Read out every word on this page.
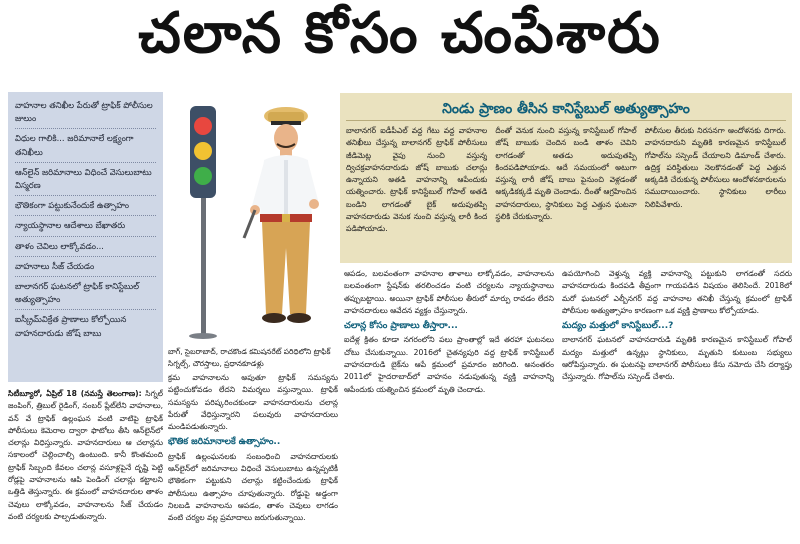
చలాన కోసం చంపేశారు
వాహనాల తనిఖీల పేరుతో ట్రాఫిక్ పోలీసుల జులుం
విధుల గాలికి... జరిమానాలే లక్ష్యంగా తనిఖీలు
ఆన్‌లైన్ జరిమానాలు విధించే వెసులుబాటు విస్మరణ
భౌతికంగా పట్టుకునేందుకే ఉత్సాహం
న్యాయస్థానాల ఆదేశాలు బేఖాతరు
తాళం చెవిలు లాక్కోవడం...
వాహనాలు సీజ్ చేయడం
బాలానగర్ ఘటనలో ట్రాఫిక్ కానిస్టేబుల్ అత్యుత్సాహం
ఐస్క్రీమ్‌విక్రేత ప్రాణాలు కోల్పోయిన వాహనదారుడు జోష్ బాబు
బాగ్, సైబరాబాద్, రాచకొండ కమిషనరేట్ పరిధిలోని ట్రాఫిక్ సిగ్నల్స్, చౌరస్తాలు, ప్రధానకూడళ్లు
నిండు ప్రాణం తీసిన కానిస్టేబుల్ అత్యుత్సాహం
బాలానగర్ ఐడీపీఎల్ వద్ద గేటు వద్ద వాహనాల తనిఖీలు చేస్తున్న బాలానగర్ ట్రాఫిక్ పోలీసులు జీడిమెట్ల వైపు నుంచి వస్తున్న ద్విచక్రవాహనదారుడు జోష్ బాబుకు చలాన్లు ఉన్నాయని అతడి వాహనాన్ని ఆపేందుకు యత్నించారు. ట్రాఫిక్ కానిస్టేబుల్ గోపాల్ అతడి బండిని లాగడంతో బైక్ అదుపుతప్పి వాహనదారుడు వెనుక నుంచి వస్తున్న లారీ కింద పడిపోయాడు.
దీంతో వెనుక నుంచి వస్తున్న కానిస్టేబుల్ గోపాల్ జోష్ బాబుకు చెందిన బండి తాళం చెవిని లాగడంతో అతడు అదుపుతప్పి కిందపడిపోయాడు. ఆదే సమయంలో అటుగా వస్తున్న లారీ జోష్ బాబు పైనుంచి వెళ్లడంతో అక్కడికక్కడే మృతి చెందాడు. దీంతో ఆగ్రహించిన వాహనదారులు, స్థానికులు పెద్ద ఎత్తున ఘటనా స్థలికి చేరుకున్నారు.
పోలీసుల తీరుకు నిరసనగా ఆందోళనకు దిగారు. వాహనదారుని మృతికి కారణమైన కానిస్టేబుల్ గోపాల్‌ను సస్పెండ్ చేయాలని డిమాండ్ చేశారు. ఉద్రిక్త పరిస్థితులు నెలకొనడంతో పెద్ద ఎత్తున అక్కడికి చేరుకున్న పోలీసులు ఆందోళనకారులను సముదాయించారు. స్థానికులు లారీలు నిలిపివేశారు.
సిటీబ్యూరో, ఏప్రిల్ 18 (నమస్తే తెలంగాణ): సిగ్నల్ జంపింగ్, త్రిబుల్ రైడింగ్, నంబర్ ప్లేట్‌లేని వాహనాలు, వన్ వే ట్రాఫిక్ ఉల్లంఘన వంటి వాటిపై ట్రాఫిక్ పోలీసులు కెమెరాల ద్వారా ఫొటోలు తీసి ఆన్‌లైన్‌లో చలాన్లు విధిస్తున్నారు. వాహనదారులు ఆ చలాన్లను సకాలంలో చెల్లించాల్సి ఉంటుంది. కానీ కొంతమంది ట్రాఫిక్ సిబ్బంది కేవలం చలాన్ల వసూళ్లపైనే దృష్టి పెట్టి రోడ్లపై వాహనాలను ఆపి పెండింగ్ చలాన్లు కట్టాలని ఒత్తిడి తెస్తున్నారు. ఈ క్రమంలో వాహనదారుల తాళం చెవులు లాక్కోవడం, వాహనాలను సీజ్ చేయడం వంటి చర్యలకు పాల్పడుతున్నారు.
క్రమ వాహనాలను అపుతూ ట్రాఫిక్ సమస్యను పట్టించుకోవడం లేదని విమర్శలు వస్తున్నాయి. ట్రాఫిక్ సమస్యను పరిష్కరించకుండా వాహనదారులను చలాన్ల పేరుతో వేధిస్తున్నారని పలువురు వాహనదారులు మండిపడుతున్నారు.
భౌతిక జరిమానాలకే ఉత్సాహం..
ట్రాఫిక్ ఉల్లంఘనలకు సంబంధించి వాహనదారులకు ఆన్‌లైన్‌లో జరిమానాలు విధించే వెసులుబాటు ఉన్నప్పటికీ భౌతికంగా పట్టుకుని చలాన్లు కట్టించేందుకు ట్రాఫిక్ పోలీసులు ఉత్సాహం చూపుతున్నారు. రోడ్డుపై అడ్డంగా నిలబడి వాహనాలను ఆపడం, తాళం చెవులు లాగడం వంటి చర్యల వల్ల ప్రమాదాలు జరుగుతున్నాయి.
ఆపడం, బలవంతంగా వాహనాల తాళాలు లాక్కోవడం, వాహనాలను బలవంతంగా స్టేషన్‌కు తరలించడం వంటి చర్యలను న్యాయస్థానాలు తప్పుబట్టాయి. అయినా ట్రాఫిక్ పోలీసుల తీరులో మార్పు రావడం లేదని వాహనదారులు ఆవేదన వ్యక్తం చేస్తున్నారు.
చలాన్ల కోసం ప్రాణాలు తీస్తారా...
ఐదేళ్ల క్రితం కూడా నగరంలోని పలు ప్రాంతాల్లో ఇదే తరహా ఘటనలు చోటు చేసుకున్నాయి. 2016లో చైతన్యపురి వద్ద ట్రాఫిక్ కానిస్టేబుల్ వాహనదారుడి బైక్‌ను ఆపే క్రమంలో ప్రమాదం జరిగింది. అనంతరం 2011లో హైదరాబాద్‌లో వాహనం నడుపుతున్న వ్యక్తి వాహనాన్ని ఆపేందుకు యత్నించిన క్రమంలో మృతి చెందాడు.
ఉపయోగించి వెళ్తున్న వ్యక్తి వాహనాన్ని పట్టుకుని లాగడంతో సదరు వాహనదారుడు కిందపడి తీవ్రంగా గాయపడిన విషయం తెలిసిందే. 2018లో మరో ఘటనలో ఎల్బీనగర్ వద్ద వాహనాల తనిఖీ చేస్తున్న క్రమంలో ట్రాఫిక్ పోలీసుల అత్యుత్సాహం కారణంగా ఒక వ్యక్తి ప్రాణాలు కోల్పోయాడు.
మద్యం మత్తులో కానిస్టేబుల్...?
బాలానగర్ ఘటనలో వాహనదారుడి మృతికి కారణమైన కానిస్టేబుల్ గోపాల్ మద్యం మత్తులో ఉన్నట్లు స్థానికులు, మృతుని కుటుంబ సభ్యులు ఆరోపిస్తున్నారు. ఈ ఘటనపై బాలానగర్ పోలీసులు కేసు నమోదు చేసి దర్యాప్తు చేస్తున్నారు. గోపాల్‌ను సస్పెండ్ చేశారు.
